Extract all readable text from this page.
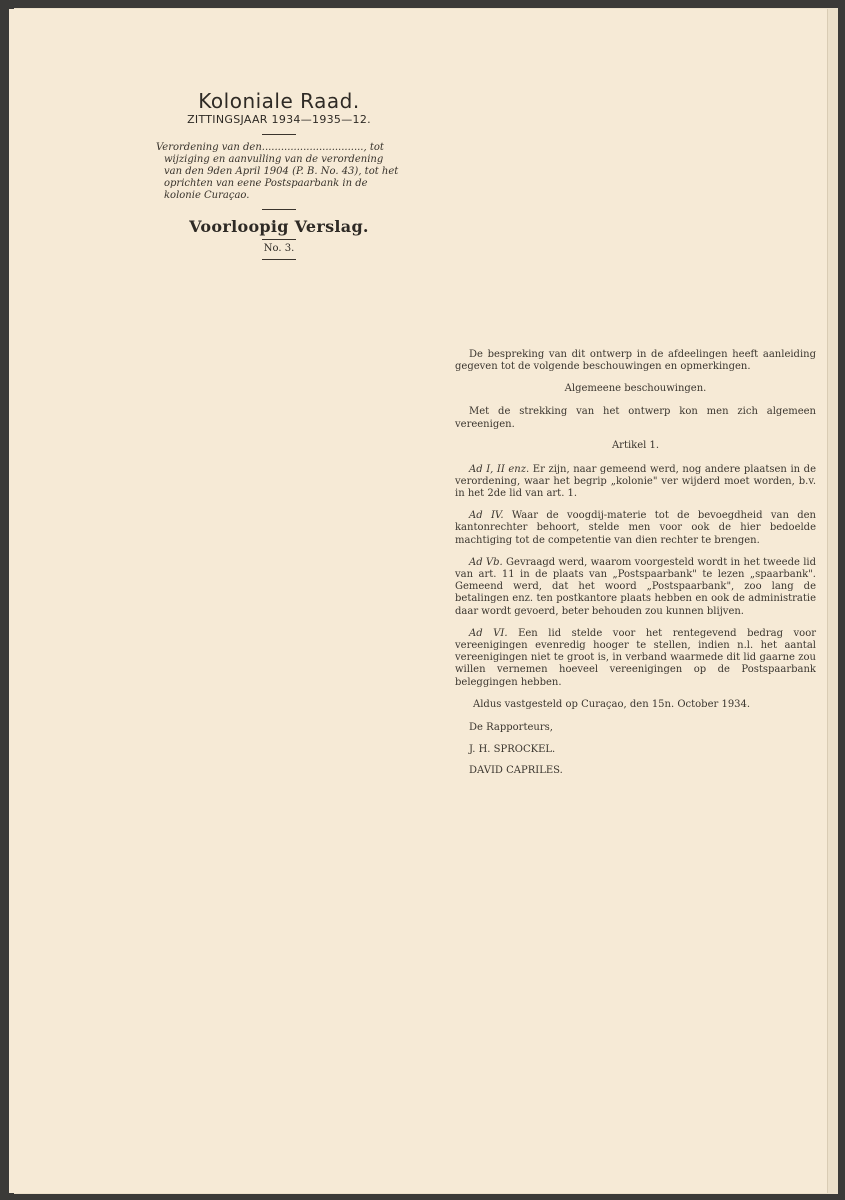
Koloniale Raad.
ZITTINGSJAAR 1934—1935—12.
Verordening van den................................, tot wijziging en aanvulling van de verordening van den 9den April 1904 (P. B. No. 43), tot het oprichten van eene Postspaarbank in de kolonie Curaçao.
Voorloopig Verslag.
No. 3.

De bespreking van dit ontwerp in de afdeelingen heeft aanleiding gegeven tot de volgende beschouwingen en opmerkingen.

Algemeene beschouwingen.

Met de strekking van het ontwerp kon men zich algemeen vereenigen.

Artikel 1.

Ad I, II enz. Er zijn, naar gemeend werd, nog andere plaatsen in de verordening, waar het begrip „kolonie" ver wijderd moet worden, b.v. in het 2de lid van art. 1.

Ad IV. Waar de voogdij-materie tot de bevoegdheid van den kantonrechter behoort, stelde men voor ook de hier bedoelde machtiging tot de competentie van dien rechter te brengen.

Ad Vb. Gevraagd werd, waarom voorgesteld wordt in het tweede lid van art. 11 in de plaats van „Postspaarbank" te lezen „spaarbank". Gemeend werd, dat het woord „Postspaarbank", zoo lang de betalingen enz. ten postkantore plaats hebben en ook de administratie daar wordt gevoerd, beter behouden zou kunnen blijven.

Ad VI. Een lid stelde voor het rentegevend bedrag voor vereenigingen evenredig hooger te stellen, indien n.l. het aantal vereenigingen niet te groot is, in verband waarmede dit lid gaarne zou willen vernemen hoeveel vereenigingen op de Postspaarbank beleggingen hebben.

Aldus vastgesteld op Curaçao, den 15n. October 1934.

De Rapporteurs,

J. H. SPROCKEL.

DAVID CAPRILES.
